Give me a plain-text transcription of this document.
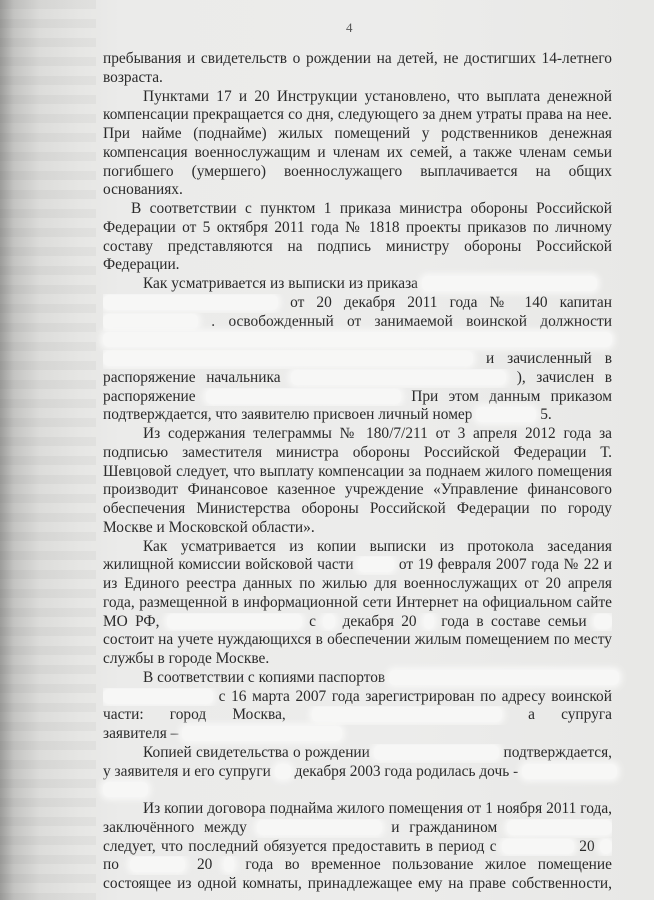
4
пребывания и свидетельств о рождении на детей, не достигших 14-летнего
возраста.
Пунктами 17 и 20 Инструкции установлено, что выплата денежной
компенсации прекращается со дня, следующего за днем утраты права на нее.
При найме (поднайме) жилых помещений у родственников денежная
компенсация военнослужащим и членам их семей, а также членам семьи
погибшего (умершего) военнослужащего выплачивается на общих
основаниях.
В соответствии с пунктом 1 приказа министра обороны Российской
Федерации от 5 октября 2011 года № 1818 проекты приказов по личному
составу представляются на подпись министру обороны Российской
Федерации.
Как усматривается из выписки из приказа
от 20 декабря 2011 года № 140 капитан
. освобожденный от занимаемой воинской должности
и зачисленный в
распоряжение начальника	), зачислен в
распоряжение	При этом данным приказом
подтверждается, что заявителю присвоен личный номер	5.
Из содержания телеграммы № 180/7/211 от 3 апреля 2012 года за
подписью заместителя министра обороны Российской Федерации Т.
Шевцовой следует, что выплату компенсации за поднаем жилого помещения
производит Финансовое казенное учреждение «Управление финансового
обеспечения Министерства обороны Российской Федерации по городу
Москве и Московской области».
Как усматривается из копии выписки из протокола заседания
жилищной комиссии войсковой части	от 19 февраля 2007 года № 22 и
из Единого реестра данных по жилью для военнослужащих от 20 апреля
года, размещенной в информационной сети Интернет на официальном сайте
МО РФ,	с декабря 20 года в составе семьи
состоит на учете нуждающихся в обеспечении жилым помещением по месту
службы в городе Москве.
В соответствии с копиями паспортов
с 16 марта 2007 года зарегистрирован по адресу воинской
части: город Москва,	а супруга
заявителя –
Копией свидетельства о рождении	подтверждается,
у заявителя и его супруги декабря 2003 года родилась дочь -
Из копии договора поднайма жилого помещения от 1 ноября 2011 года,
заключённого между	и гражданином
следует, что последний обязуется предоставить в период с	20
по	20 года во временное пользование жилое помещение
состоящее из одной комнаты, принадлежащее ему на праве собственности,
